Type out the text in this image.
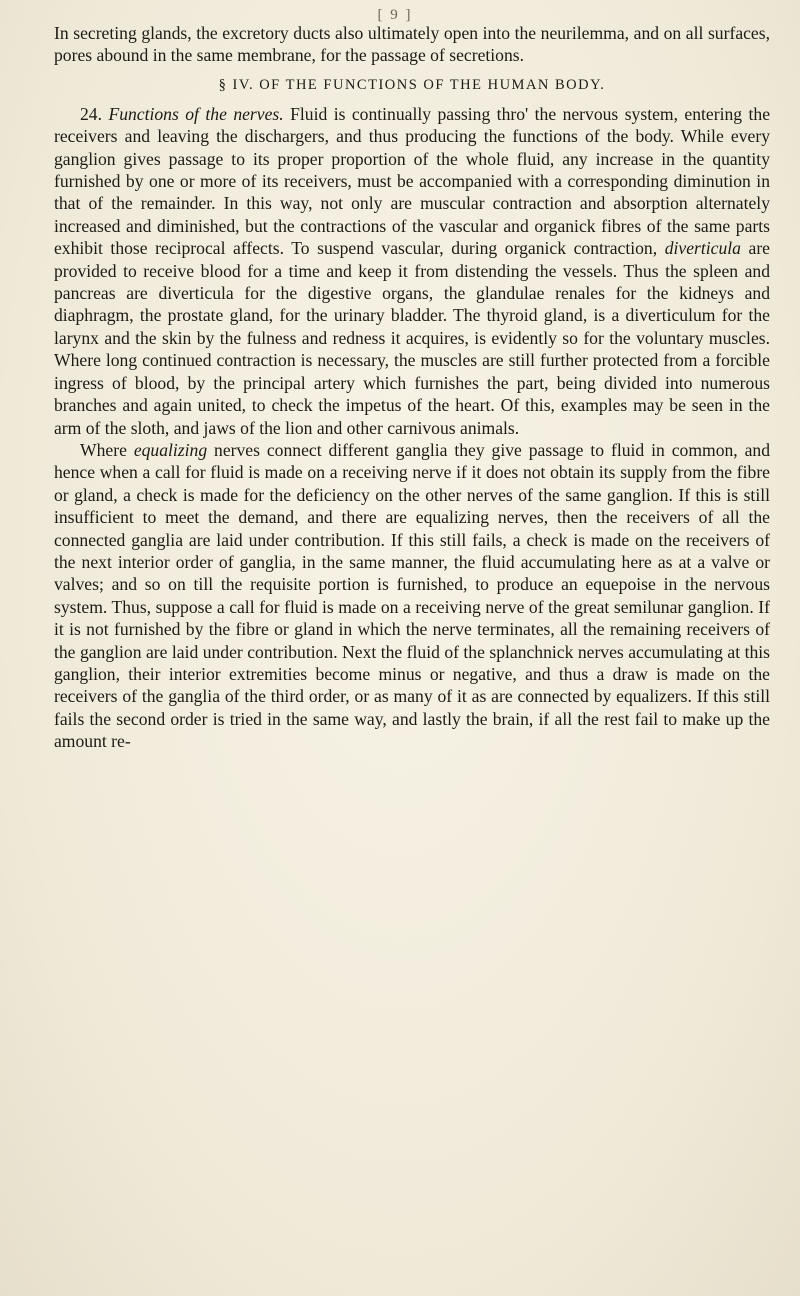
[ 9 ]

In secreting glands, the excretory ducts also ultimately open into the neurilemma, and on all surfaces, pores abound in the same membrane, for the passage of secretions.

§ IV. OF THE FUNCTIONS OF THE HUMAN BODY.

24. Functions of the nerves. Fluid is continually passing thro' the nervous system, entering the receivers and leaving the dischargers, and thus producing the functions of the body. While every ganglion gives passage to its proper proportion of the whole fluid, any increase in the quantity furnished by one or more of its receivers, must be accompanied with a corresponding diminution in that of the remainder. In this way, not only are muscular contraction and absorption alternately increased and diminished, but the contractions of the vascular and organick fibres of the same parts exhibit those reciprocal affects. To suspend vascular, during organick contraction, diverticula are provided to receive blood for a time and keep it from distending the vessels. Thus the spleen and pancreas are diverticula for the digestive organs, the glandulae renales for the kidneys and diaphragm, the prostate gland, for the urinary bladder. The thyroid gland, is a diverticulum for the larynx and the skin by the fulness and redness it acquires, is evidently so for the voluntary muscles. Where long continued contraction is necessary, the muscles are still further protected from a forcible ingress of blood, by the principal artery which furnishes the part, being divided into numerous branches and again united, to check the impetus of the heart. Of this, examples may be seen in the arm of the sloth, and jaws of the lion and other carnivous animals.

Where equalizing nerves connect different ganglia they give passage to fluid in common, and hence when a call for fluid is made on a receiving nerve if it does not obtain its supply from the fibre or gland, a check is made for the deficiency on the other nerves of the same ganglion. If this is still insufficient to meet the demand, and there are equalizing nerves, then the receivers of all the connected ganglia are laid under contribution. If this still fails, a check is made on the receivers of the next interior order of ganglia, in the same manner, the fluid accumulating here as at a valve or valves; and so on till the requisite portion is furnished, to produce an equepoise in the nervous system. Thus, suppose a call for fluid is made on a receiving nerve of the great semilunar ganglion. If it is not furnished by the fibre or gland in which the nerve terminates, all the remaining receivers of the ganglion are laid under contribution. Next the fluid of the splanchnick nerves accumulating at this ganglion, their interior extremities become minus or negative, and thus a draw is made on the receivers of the ganglia of the third order, or as many of it as are connected by equalizers. If this still fails the second order is tried in the same way, and lastly the brain, if all the rest fail to make up the amount re-
